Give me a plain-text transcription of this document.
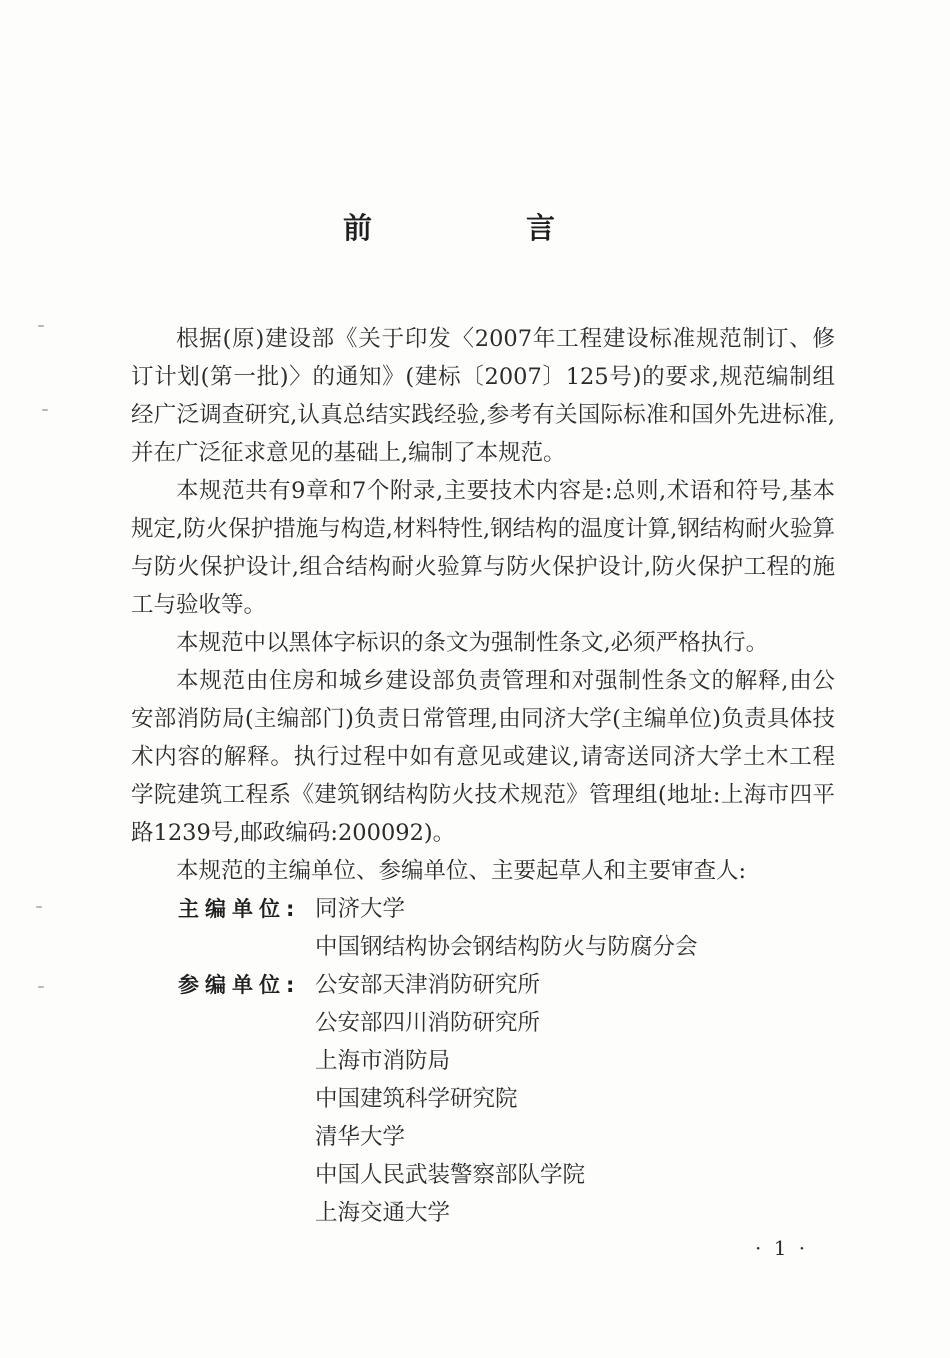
前 言

根据(原)建设部《关于印发〈2007年工程建设标准规范制订、修订计划(第一批)〉的通知》(建标〔2007〕125号)的要求,规范编制组经广泛调查研究,认真总结实践经验,参考有关国际标准和国外先进标准,并在广泛征求意见的基础上,编制了本规范。

本规范共有9章和7个附录,主要技术内容是:总则,术语和符号,基本规定,防火保护措施与构造,材料特性,钢结构的温度计算,钢结构耐火验算与防火保护设计,组合结构耐火验算与防火保护设计,防火保护工程的施工与验收等。

本规范中以黑体字标识的条文为强制性条文,必须严格执行。

本规范由住房和城乡建设部负责管理和对强制性条文的解释,由公安部消防局(主编部门)负责日常管理,由同济大学(主编单位)负责具体技术内容的解释。执行过程中如有意见或建议,请寄送同济大学土木工程学院建筑工程系《建筑钢结构防火技术规范》管理组(地址:上海市四平路1239号,邮政编码:200092)。

本规范的主编单位、参编单位、主要起草人和主要审查人:

主编单位: 同济大学
中国钢结构协会钢结构防火与防腐分会
参编单位: 公安部天津消防研究所
公安部四川消防研究所
上海市消防局
中国建筑科学研究院
清华大学
中国人民武装警察部队学院
上海交通大学
· 1 ·
